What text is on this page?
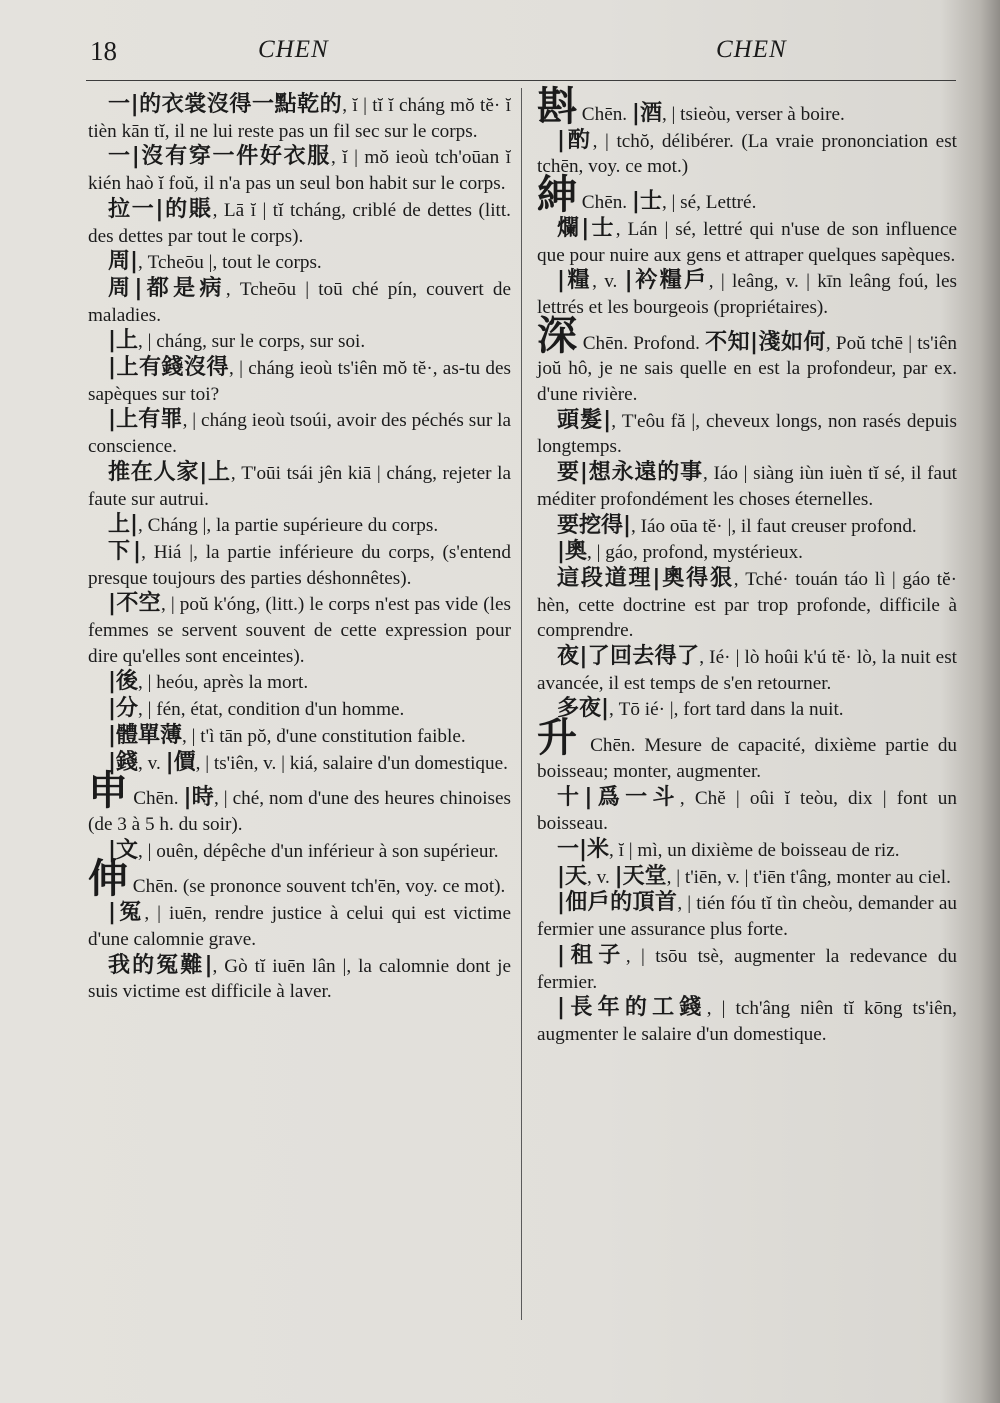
18	CHEN	CHEN

一|的衣裳沒得一點乾的, ĭ | tĭ ĭ cháng mŏ tĕ· ĭ tièn kān tĭ, il ne lui reste pas un fil sec sur le corps.

一|沒有穿一件好衣服, ĭ | mŏ ieoù tch'oūan ĭ kién haò ĭ foŭ, il n'a pas un seul bon habit sur le corps.

拉一|的賬, Lā ĭ | tĭ tcháng, criblé de dettes (litt. des dettes par tout le corps).

周|, Tcheōu |, tout le corps.

周|都是病, Tcheōu | toū ché pín, couvert de maladies.

|上, | cháng, sur le corps, sur soi.

|上有錢沒得, | cháng ieoù ts'iên mŏ tĕ·, as-tu des sapèques sur toi?

|上有罪, | cháng ieoù tsoúi, avoir des péchés sur la conscience.

推在人家|上, T'oūi tsái jên kiā | cháng, rejeter la faute sur autrui.

上|, Cháng |, la partie supérieure du corps.

下|, Hiá |, la partie inférieure du corps, (s'entend presque toujours des parties déshonnêtes).

|不空, | poŭ k'óng, (litt.) le corps n'est pas vide (les femmes se servent souvent de cette expression pour dire qu'elles sont enceintes).

|後, | heóu, après la mort.

|分, | fén, état, condition d'un homme.

|體單薄, | t'ì tān pŏ, d'une constitution faible.

|錢, v. |價, | ts'iên, v. | kiá, salaire d'un domestique.

申 Chēn. |時, | ché, nom d'une des heures chinoises (de 3 à 5 h. du soir).

|文, | ouên, dépêche d'un inférieur à son supérieur.

伸 Chēn. (se prononce souvent tch'ēn, voy. ce mot).

|冤, | iuēn, rendre justice à celui qui est victime d'une calomnie grave.

我的冤難|, Gò tĭ iuēn lân |, la calomnie dont je suis victime est difficile à laver.

斟 Chēn. |酒, | tsieòu, verser à boire.

|酌, | tchŏ, délibérer. (La vraie prononciation est tchēn, voy. ce mot.)

紳 Chēn. |士, | sé, Lettré.

爛|士, Lán | sé, lettré qui n'use de son influence que pour nuire aux gens et attraper quelques sapèques.

|糧, v. |衿糧戶, | leâng, v. | kīn leâng foú, les lettrés et les bourgeois (propriétaires).

深 Chēn. Profond. 不知|淺如何, Poŭ tchē | ts'iên joŭ hô, je ne sais quelle en est la profondeur, par ex. d'une rivière.

頭髮|, T'eôu fă |, cheveux longs, non rasés depuis longtemps.

要|想永遠的事, Iáo | siàng iùn iuèn tĭ sé, il faut méditer profondément les choses éternelles.

要挖得|, Iáo oūa tĕ· |, il faut creuser profond.

|奧, | gáo, profond, mystérieux.

這段道理|奧得狠, Tché· touán táo lì | gáo tĕ· hèn, cette doctrine est par trop profonde, difficile à comprendre.

夜|了回去得了, Ié· | lò hoûi k'ú tĕ· lò, la nuit est avancée, il est temps de s'en retourner.

多夜|, Tō ié· |, fort tard dans la nuit.

升 Chēn. Mesure de capacité, dixième partie du boisseau; monter, augmenter.

十|爲一斗, Chĕ | oûi ĭ teòu, dix | font un boisseau.

一|米, ĭ | mì, un dixième de boisseau de riz.

|天, v. |天堂, | t'iēn, v. | t'iēn t'âng, monter au ciel.

|佃戶的頂首, | tién fóu tĭ tìn cheòu, demander au fermier une assurance plus forte.

|租子, | tsōu tsè, augmenter la redevance du fermier.

|長年的工錢, | tch'âng niên tĭ kōng ts'iên, augmenter le salaire d'un domestique.
